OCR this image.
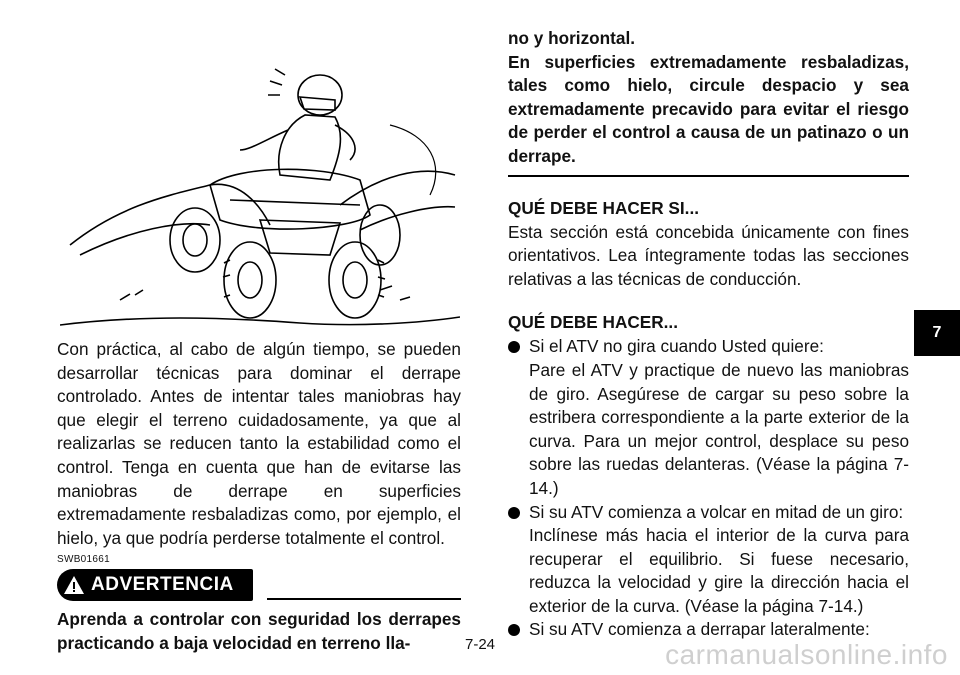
Con práctica, al cabo de algún tiempo, se pueden desarrollar técnicas para dominar el derrape controlado. Antes de intentar tales maniobras hay que elegir el terreno cuidadosamente, ya que al realizarlas se reducen tanto la estabilidad como el control. Tenga en cuenta que han de evitarse las maniobras de derrape en superficies extremadamente resbaladizas como, por ejemplo, el hielo, ya que podría perderse totalmente el control.

SWB01661
ADVERTENCIA

Aprenda a controlar con seguridad los derrapes practicando a baja velocidad en terreno lla-

no y horizontal.

En superficies extremadamente resbaladizas, tales como hielo, circule despacio y sea extremadamente precavido para evitar el riesgo de perder el control a causa de un patinazo o un derrape.

QUÉ DEBE HACER SI...

Esta sección está concebida únicamente con fines orientativos. Lea íntegramente todas las secciones relativas a las técnicas de conducción.

QUÉ DEBE HACER...

Si el ATV no gira cuando Usted quiere:

Pare el ATV y practique de nuevo las maniobras de giro. Asegúrese de cargar su peso sobre la estribera correspondiente a la parte exterior de la curva. Para un mejor control, desplace su peso sobre las ruedas delanteras. (Véase la página 7-14.)

Si su ATV comienza a volcar en mitad de un giro:

Inclínese más hacia el interior de la curva para recuperar el equilibrio. Si fuese necesario, reduzca la velocidad y gire la dirección hacia el exterior de la curva. (Véase la página 7-14.)

Si su ATV comienza a derrapar lateralmente:

7
7-24	carmanualsonline.info
